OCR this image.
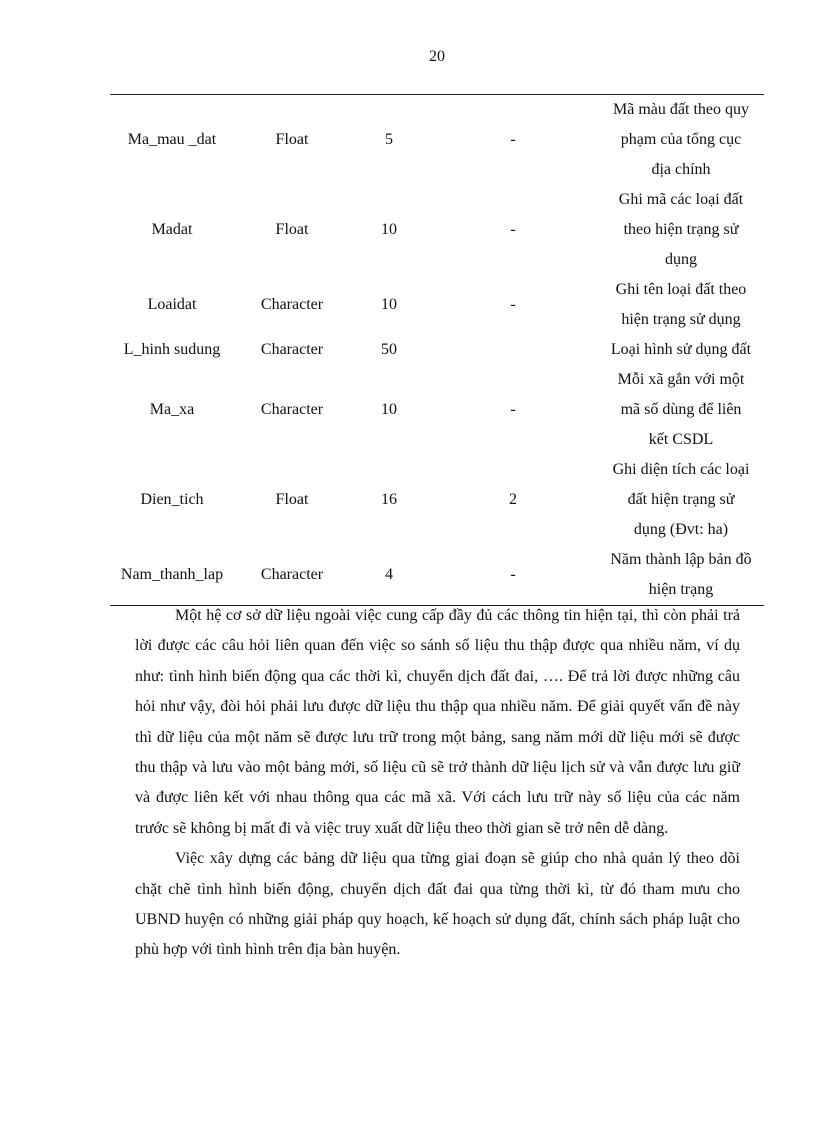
20
Ma_mau _dat	Float	5	-	Mã màu đất theo quy
phạm của tổng cục
địa chính

Madat	Float	10	-	Ghi mã các loại đất
theo hiện trạng sử
dụng

Loaidat	Character	10	-	Ghi tên loại đất theo
hiện trạng sử dụng

L_hinh sudung	Character	50		Loại hình sử dụng đất

Ma_xa	Character	10	-	Mỗi xã gắn với một
mã số dùng để liên
kết CSDL

Dien_tich	Float	16	2	Ghi diện tích các loại
đất hiện trạng sử
dụng (Đvt: ha)

Nam_thanh_lap	Character	4	-	Năm thành lập bản đồ
hiện trạng

Một hệ cơ sở dữ liệu ngoài việc cung cấp đầy đủ các thông tin hiện tại, thì còn phải trả lời được các câu hỏi liên quan đến việc so sánh số liệu thu thập được qua nhiều năm, ví dụ như: tình hình biến động qua các thời kì, chuyển dịch đất đai, …. Để trả lời được những câu hỏi như vậy, đòi hỏi phải lưu được dữ liệu thu thập qua nhiều năm. Để giải quyết vấn đề này thì dữ liệu của một năm sẽ được lưu trữ trong một bảng, sang năm mới dữ liệu mới sẽ được thu thập và lưu vào một bảng mới, số liệu cũ sẽ trở thành dữ liệu lịch sử và vẫn được lưu giữ và được liên kết với nhau thông qua các mã xã. Với cách lưu trữ này số liệu của các năm trước sẽ không bị mất đi và việc truy xuất dữ liệu theo thời gian sẽ trở nên dễ dàng.

Việc xây dựng các bảng dữ liệu qua từng giai đoạn sẽ giúp cho nhà quản lý theo dõi chặt chẽ tình hình biến động, chuyển dịch đất đai qua từng thời kì, từ đó tham mưu cho UBND huyện có những giải pháp quy hoạch, kế hoạch sử dụng đất, chính sách pháp luật cho phù hợp với tình hình trên địa bàn huyện.
